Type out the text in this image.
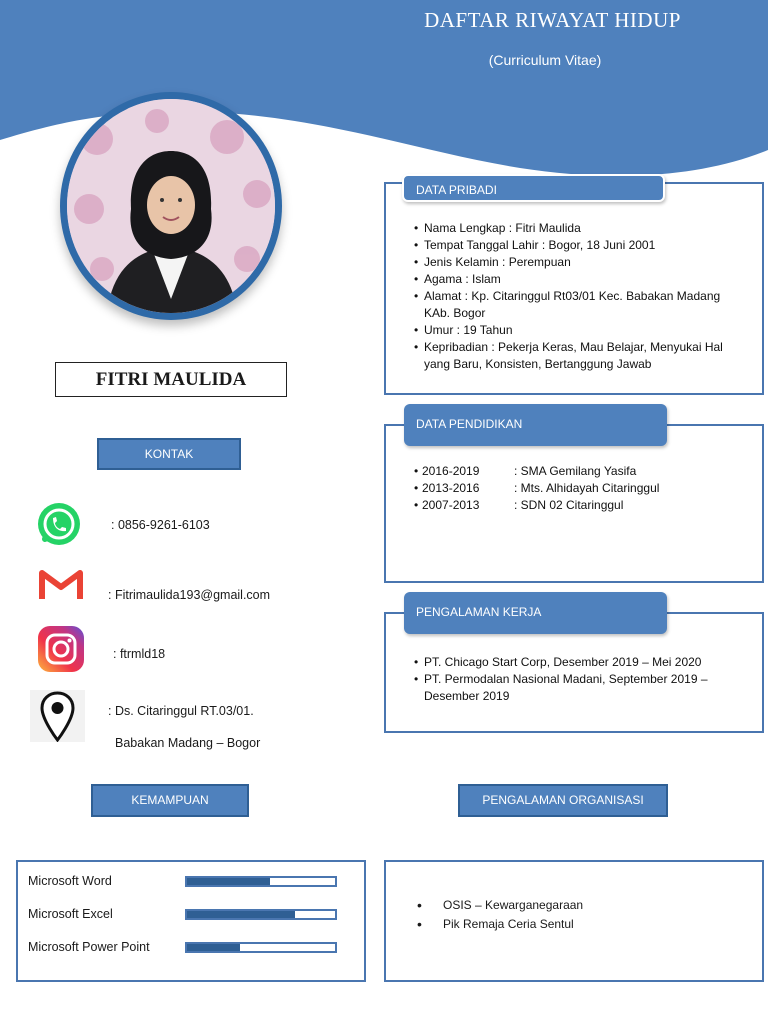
DAFTAR RIWAYAT HIDUP
(Curriculum Vitae)
FITRI MAULIDA
KONTAK
: 0856-9261-6103
: Fitrimaulida193@gmail.com
: ftrmld18
: Ds. Citaringgul RT.03/01.
Babakan Madang – Bogor
• Nama Lengkap : Fitri Maulida
• Tempat Tanggal Lahir : Bogor, 18 Juni 2001
• Jenis Kelamin : Perempuan
• Agama : Islam
• Alamat : Kp. Citaringgul Rt03/01 Kec. Babakan Madang KAb. Bogor
• Umur : 19 Tahun
• Kepribadian : Pekerja Keras, Mau Belajar, Menyukai Hal yang Baru, Konsisten, Bertanggung Jawab
DATA PRIBADI
• 2016-2019	: SMA Gemilang Yasifa
• 2013-2016	: Mts. Alhidayah Citaringgul
• 2007-2013	: SDN 02 Citaringgul
DATA PENDIDIKAN
• PT. Chicago Start Corp, Desember 2019 – Mei 2020
• PT. Permodalan Nasional Madani, September 2019 – Desember 2019
PENGALAMAN KERJA
KEMAMPUAN
Microsoft Word
Microsoft Excel
Microsoft Power Point
PENGALAMAN ORGANISASI
• OSIS – Kewarganegaraan
• Pik Remaja Ceria Sentul
